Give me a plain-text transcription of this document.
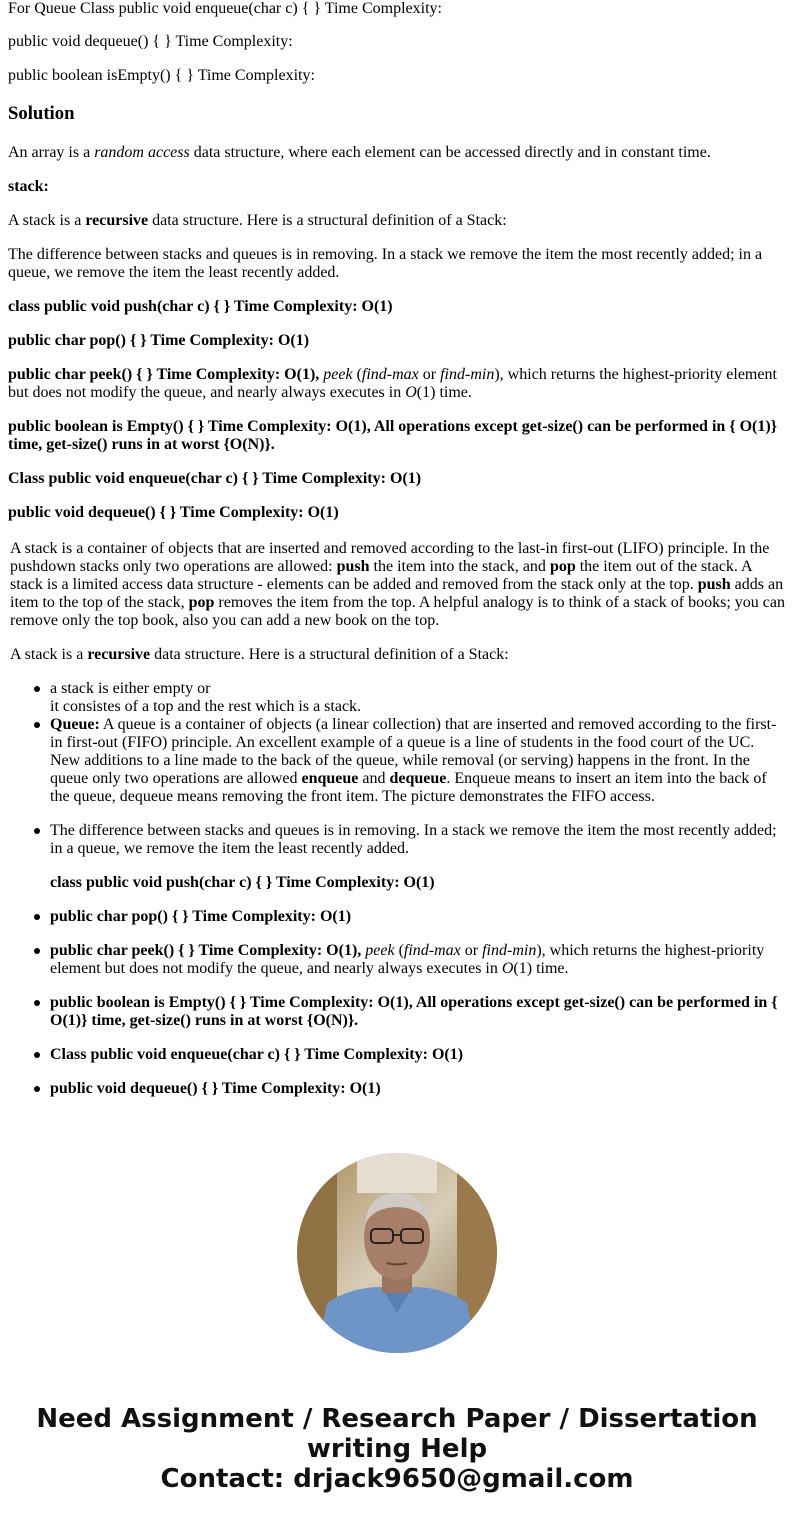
For Queue Class public void enqueue(char c) { } Time Complexity:

public void dequeue() { } Time Complexity:

public boolean isEmpty() { } Time Complexity:

Solution

An array is a random access data structure, where each element can be accessed directly and in constant time.

stack:

A stack is a recursive data structure. Here is a structural definition of a Stack:

The difference between stacks and queues is in removing. In a stack we remove the item the most recently added; in a queue, we remove the item the least recently added.

class public void push(char c) { } Time Complexity: O(1)

public char pop() { } Time Complexity: O(1)

public char peek() { } Time Complexity: O(1), peek (find-max or find-min), which returns the highest-priority element but does not modify the queue, and nearly always executes in O(1) time.

public boolean is Empty() { } Time Complexity: O(1), All operations except get-size() can be performed in { O(1)} time, get-size() runs in at worst {O(N)}.

Class public void enqueue(char c) { } Time Complexity: O(1)

public void dequeue() { } Time Complexity: O(1)

A stack is a container of objects that are inserted and removed according to the last-in first-out (LIFO) principle. In the pushdown stacks only two operations are allowed: push the item into the stack, and pop the item out of the stack. A stack is a limited access data structure - elements can be added and removed from the stack only at the top. push adds an item to the top of the stack, pop removes the item from the top. A helpful analogy is to think of a stack of books; you can remove only the top book, also you can add a new book on the top.

A stack is a recursive data structure. Here is a structural definition of a Stack:

a stack is either empty or
it consistes of a top and the rest which is a stack.

Queue: A queue is a container of objects (a linear collection) that are inserted and removed according to the first-in first-out (FIFO) principle. An excellent example of a queue is a line of students in the food court of the UC. New additions to a line made to the back of the queue, while removal (or serving) happens in the front. In the queue only two operations are allowed enqueue and dequeue. Enqueue means to insert an item into the back of the queue, dequeue means removing the front item. The picture demonstrates the FIFO access.

The difference between stacks and queues is in removing. In a stack we remove the item the most recently added; in a queue, we remove the item the least recently added.

class public void push(char c) { } Time Complexity: O(1)

public char pop() { } Time Complexity: O(1)

public char peek() { } Time Complexity: O(1), peek (find-max or find-min), which returns the highest-priority element but does not modify the queue, and nearly always executes in O(1) time.

public boolean is Empty() { } Time Complexity: O(1), All operations except get-size() can be performed in { O(1)} time, get-size() runs in at worst {O(N)}.

Class public void enqueue(char c) { } Time Complexity: O(1)

public void dequeue() { } Time Complexity: O(1)

Need Assignment / Research Paper / Dissertation
writing Help
Contact: drjack9650@gmail.com
